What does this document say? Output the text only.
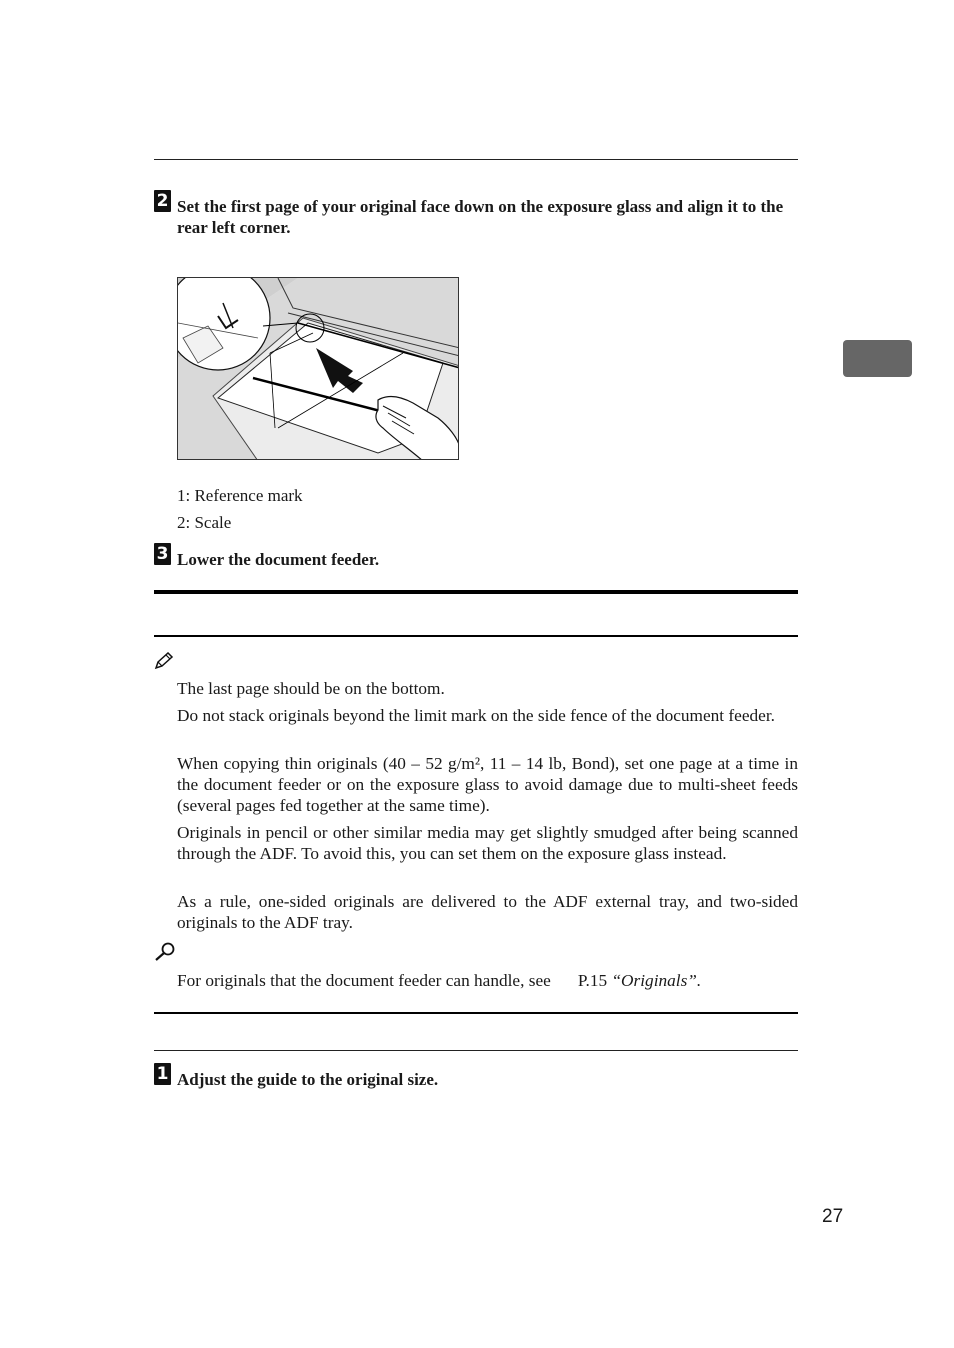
2 Set the first page of your original face down on the exposure glass and align it to the rear left corner.
1: Reference mark
2: Scale
3 Lower the document feeder.
The last page should be on the bottom.
Do not stack originals beyond the limit mark on the side fence of the document feeder.
When copying thin originals (40 – 52 g/m², 11 – 14 lb, Bond), set one page at a time in the document feeder or on the exposure glass to avoid damage due to multi-sheet feeds (several pages fed together at the same time).
Originals in pencil or other similar media may get slightly smudged after being scanned through the ADF. To avoid this, you can set them on the exposure glass instead.
As a rule, one-sided originals are delivered to the ADF external tray, and two-sided originals to the ADF tray.
For originals that the document feeder can handle, see P.15 “Originals”.
1 Adjust the guide to the original size.
27
